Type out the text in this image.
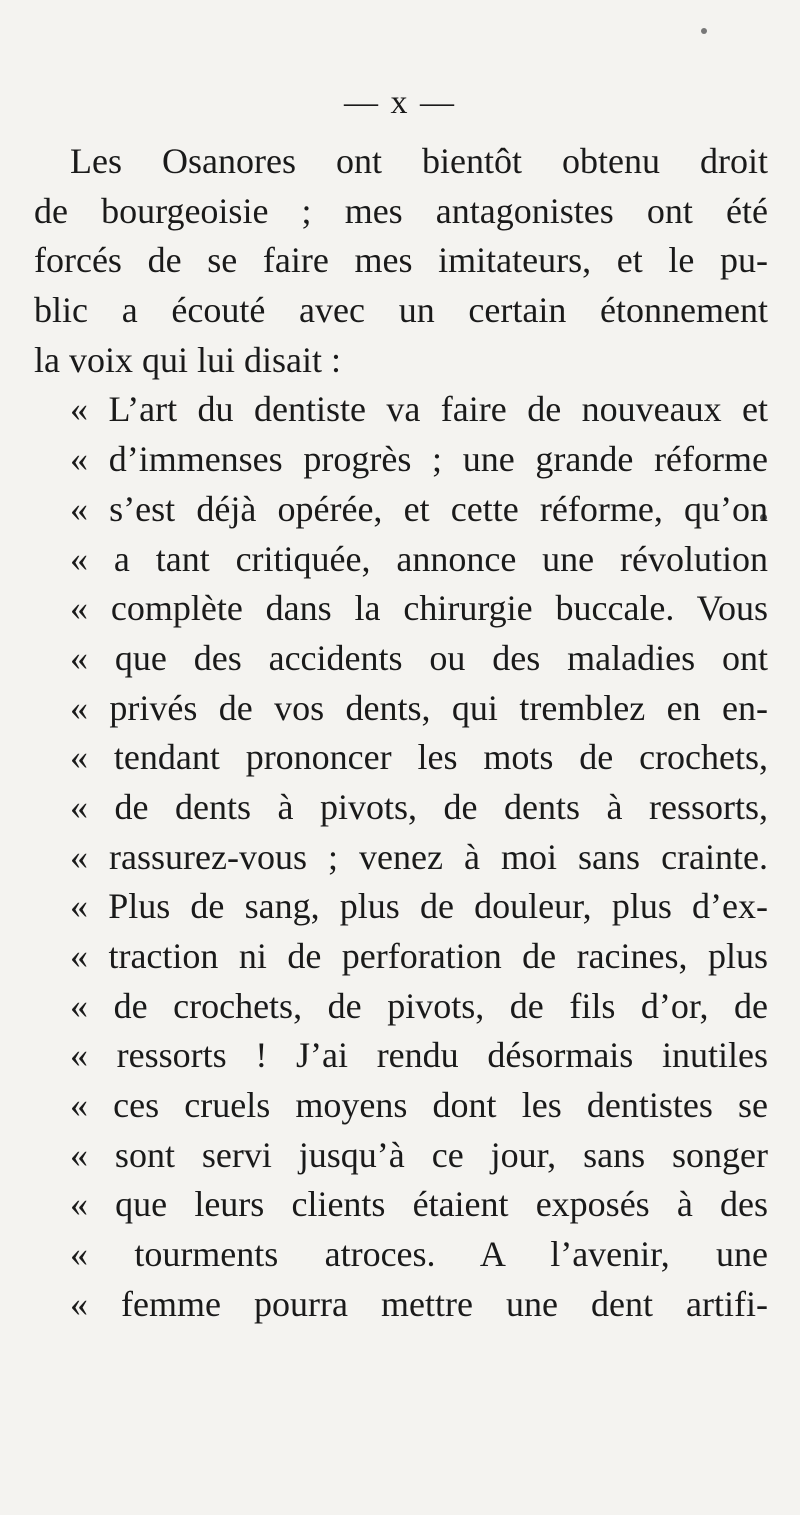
— x —
Les Osanores ont bientôt obtenu droit
de bourgeoisie ; mes antagonistes ont été
forcés de se faire mes imitateurs, et le pu-
blic a écouté avec un certain étonnement
la voix qui lui disait :
« L’art du dentiste va faire de nouveaux et
« d’immenses progrès ; une grande réforme
« s’est déjà opérée, et cette réforme, qu’on
« a tant critiquée, annonce une révolution
« complète dans la chirurgie buccale. Vous
« que des accidents ou des maladies ont
« privés de vos dents, qui tremblez en en-
« tendant prononcer les mots de crochets,
« de dents à pivots, de dents à ressorts,
« rassurez-vous ; venez à moi sans crainte.
« Plus de sang, plus de douleur, plus d’ex-
« traction ni de perforation de racines, plus
« de crochets, de pivots, de fils d’or, de
« ressorts ! J’ai rendu désormais inutiles
« ces cruels moyens dont les dentistes se
« sont servi jusqu’à ce jour, sans songer
« que leurs clients étaient exposés à des
« tourments atroces. A l’avenir, une
« femme pourra mettre une dent artifi-
